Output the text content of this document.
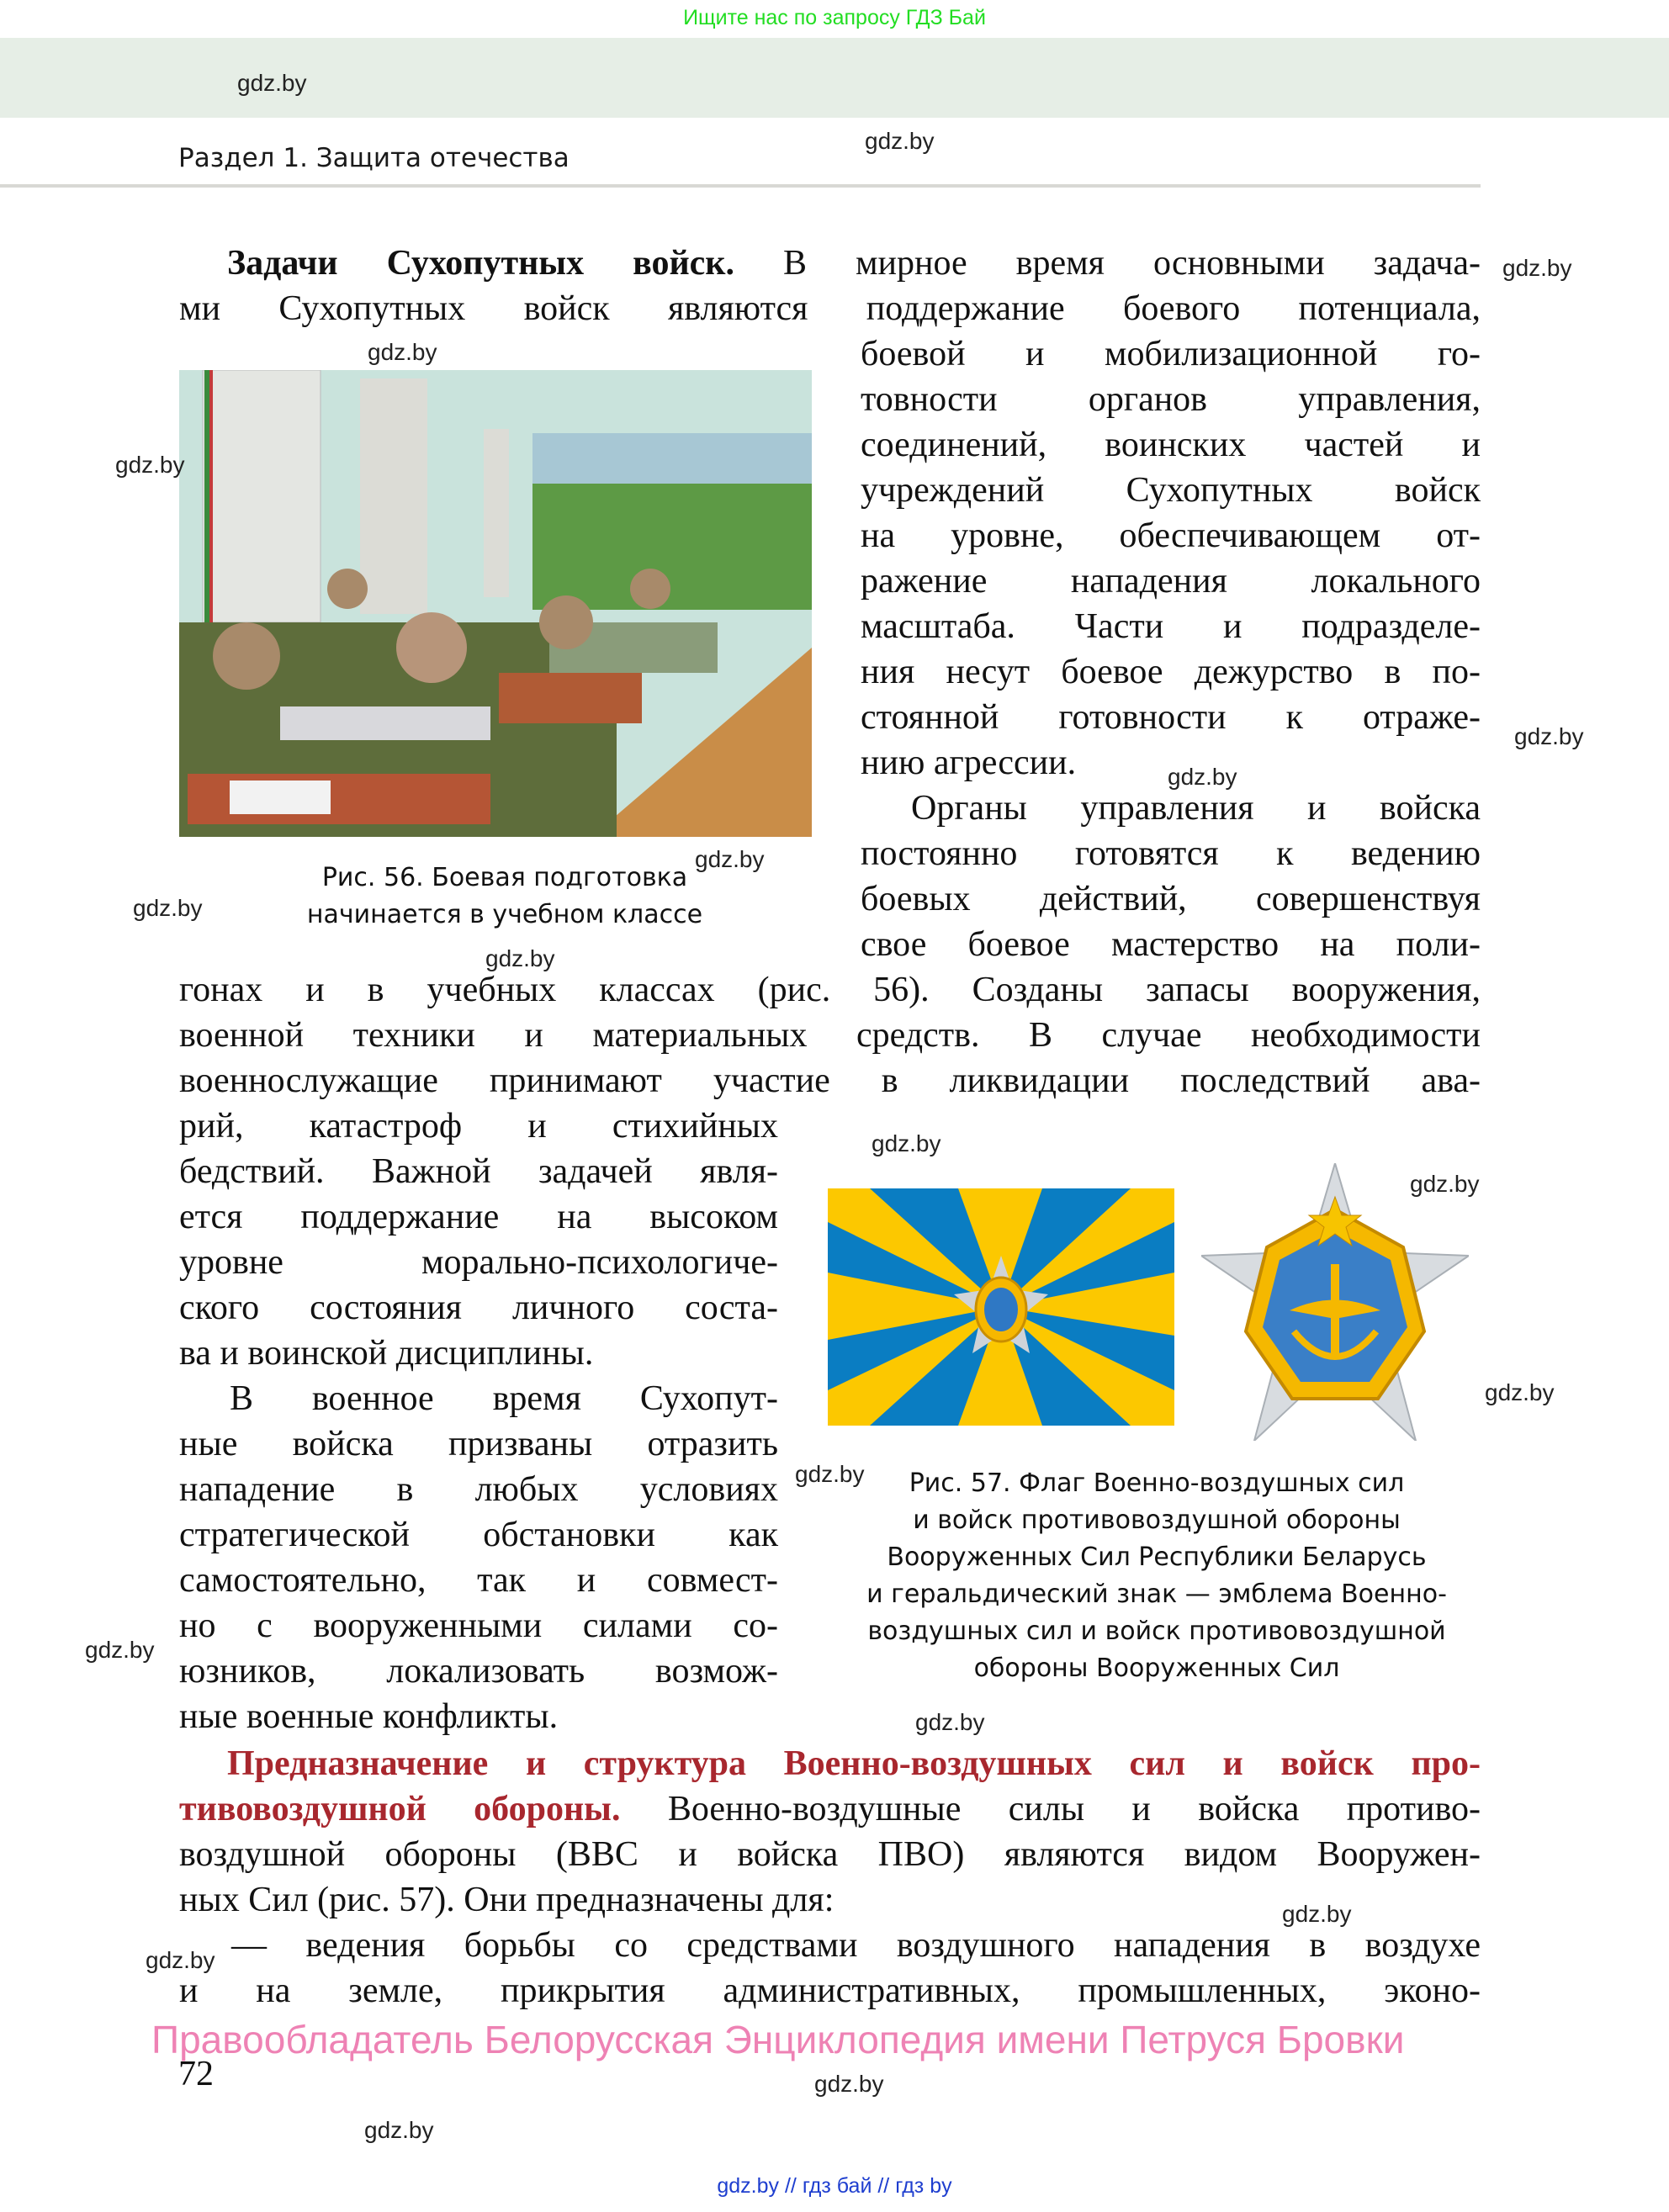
Ищите нас по запросу ГДЗ Бай
Раздел 1. Защита отечества
Задачи Сухопутных войск. В мирное время основными задача-
ми Сухопутных войск являются поддержание боевого потенциала,
Рис. 56. Боевая подготовка
начинается в учебном классе
боевой и мобилизационной го-
товности органов управления,
соединений, воинских частей и
учреждений Сухопутных войск
на уровне, обеспечивающем от-
ражение нападения локального
масштаба. Части и подразделе-
ния несут боевое дежурство в по-
стоянной готовности к отраже-
нию агрессии.
Органы управления и войска
постоянно готовятся к ведению
боевых действий, совершенствуя
свое боевое мастерство на поли-
гонах и в учебных классах (рис. 56). Созданы запасы вооружения,
военной техники и материальных средств. В случае необходимости
военнослужащие принимают участие в ликвидации последствий ава-
рий, катастроф и стихийных
бедствий. Важной задачей явля-
ется поддержание на высоком
уровне морально-психологиче-
ского состояния личного соста-
ва и воинской дисциплины.
В военное время Сухопут-
ные войска призваны отразить
нападение в любых условиях
стратегической обстановки как
самостоятельно, так и совмест-
но с вооруженными силами со-
юзников, локализовать возмож-
ные военные конфликты.
Рис. 57. Флаг Военно-воздушных сил
и войск противовоздушной обороны
Вооруженных Сил Республики Беларусь
и геральдический знак — эмблема Военно-
воздушных сил и войск противовоздушной
обороны Вооруженных Сил
Предназначение и структура Военно-воздушных сил и войск про-
тивовоздушной обороны. Военно-воздушные силы и войска противо-
воздушной обороны (ВВС и войска ПВО) являются видом Вооружен-
ных Сил (рис. 57). Они предназначены для:
— ведения борьбы со средствами воздушного нападения в воздухе
и на земле, прикрытия административных, промышленных, эконо-
Правообладатель Белорусская Энциклопедия имени Петруся Бровки
72
gdz.by // гдз бай // гдз by
gdz.by
gdz.by
gdz.by
gdz.by
gdz.by
gdz.by
gdz.by
gdz.by
gdz.by
gdz.by
gdz.by
gdz.by
gdz.by
gdz.by
gdz.by
gdz.by
gdz.by
gdz.by
gdz.by
gdz.by
